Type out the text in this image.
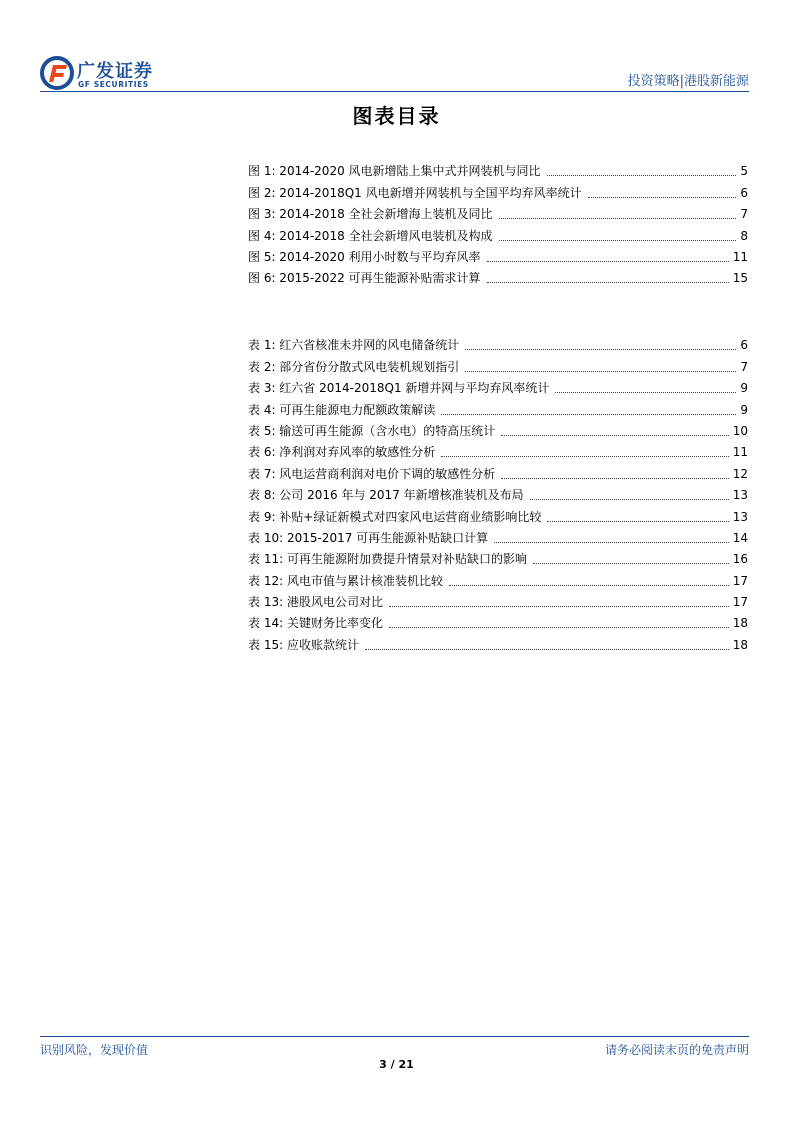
广发证券
GF SECURITIES	投资策略|港股新能源
图表目录
图 1: 2014-2020 风电新增陆上集中式并网装机与同比	5
图 2: 2014-2018Q1 风电新增并网装机与全国平均弃风率统计	6
图 3: 2014-2018 全社会新增海上装机及同比	7
图 4: 2014-2018 全社会新增风电装机及构成	8
图 5: 2014-2020 利用小时数与平均弃风率	11
图 6: 2015-2022 可再生能源补贴需求计算	15
表 1: 红六省核准未并网的风电储备统计	6
表 2: 部分省份分散式风电装机规划指引	7
表 3: 红六省 2014-2018Q1 新增并网与平均弃风率统计	9
表 4: 可再生能源电力配额政策解读	9
表 5: 输送可再生能源（含水电）的特高压统计	10
表 6: 净利润对弃风率的敏感性分析	11
表 7: 风电运营商利润对电价下调的敏感性分析	12
表 8: 公司 2016 年与 2017 年新增核准装机及布局	13
表 9: 补贴+绿证新模式对四家风电运营商业绩影响比较	13
表 10: 2015-2017 可再生能源补贴缺口计算	14
表 11: 可再生能源附加费提升情景对补贴缺口的影响	16
表 12: 风电市值与累计核准装机比较	17
表 13: 港股风电公司对比	17
表 14: 关键财务比率变化	18
表 15: 应收账款统计	18
识别风险，发现价值	请务必阅读末页的免责声明
3 / 21
